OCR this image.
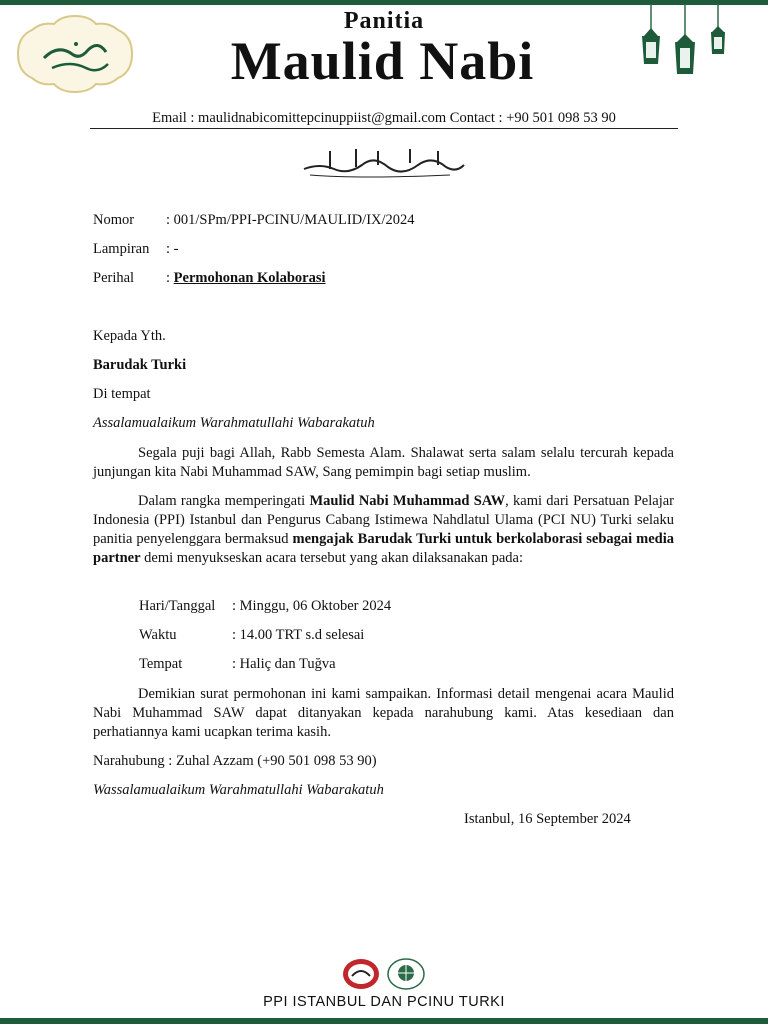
Panitia
Maulid Nabi
Email : maulidnabicomittepcinuppiist@gmail.com Contact : +90 501 098 53 90
Nomor : 001/SPm/PPI-PCINU/MAULID/IX/2024
Lampiran : -
Perihal : Permohonan Kolaborasi
Kepada Yth.
Barudak Turki
Di tempat
Assalamualaikum Warahmatullahi Wabarakatuh
Segala puji bagi Allah, Rabb Semesta Alam. Shalawat serta salam selalu tercurah kepada junjungan kita Nabi Muhammad SAW, Sang pemimpin bagi setiap muslim.
Dalam rangka memperingati Maulid Nabi Muhammad SAW, kami dari Persatuan Pelajar Indonesia (PPI) Istanbul dan Pengurus Cabang Istimewa Nahdlatul Ulama (PCI NU) Turki selaku panitia penyelenggara bermaksud mengajak Barudak Turki untuk berkolaborasi sebagai media partner demi menyukseskan acara tersebut yang akan dilaksanakan pada:
Hari/Tanggal : Minggu, 06 Oktober 2024
Waktu	: 14.00 TRT s.d selesai
Tempat	: Haliç dan Tuğva
Demikian surat permohonan ini kami sampaikan. Informasi detail mengenai acara Maulid Nabi Muhammad SAW dapat ditanyakan kepada narahubung kami. Atas kesediaan dan perhatiannya kami ucapkan terima kasih.
Narahubung : Zuhal Azzam (+90 501 098 53 90)
Wassalamualaikum Warahmatullahi Wabarakatuh
Istanbul, 16 September 2024
PPI ISTANBUL DAN PCINU TURKI
